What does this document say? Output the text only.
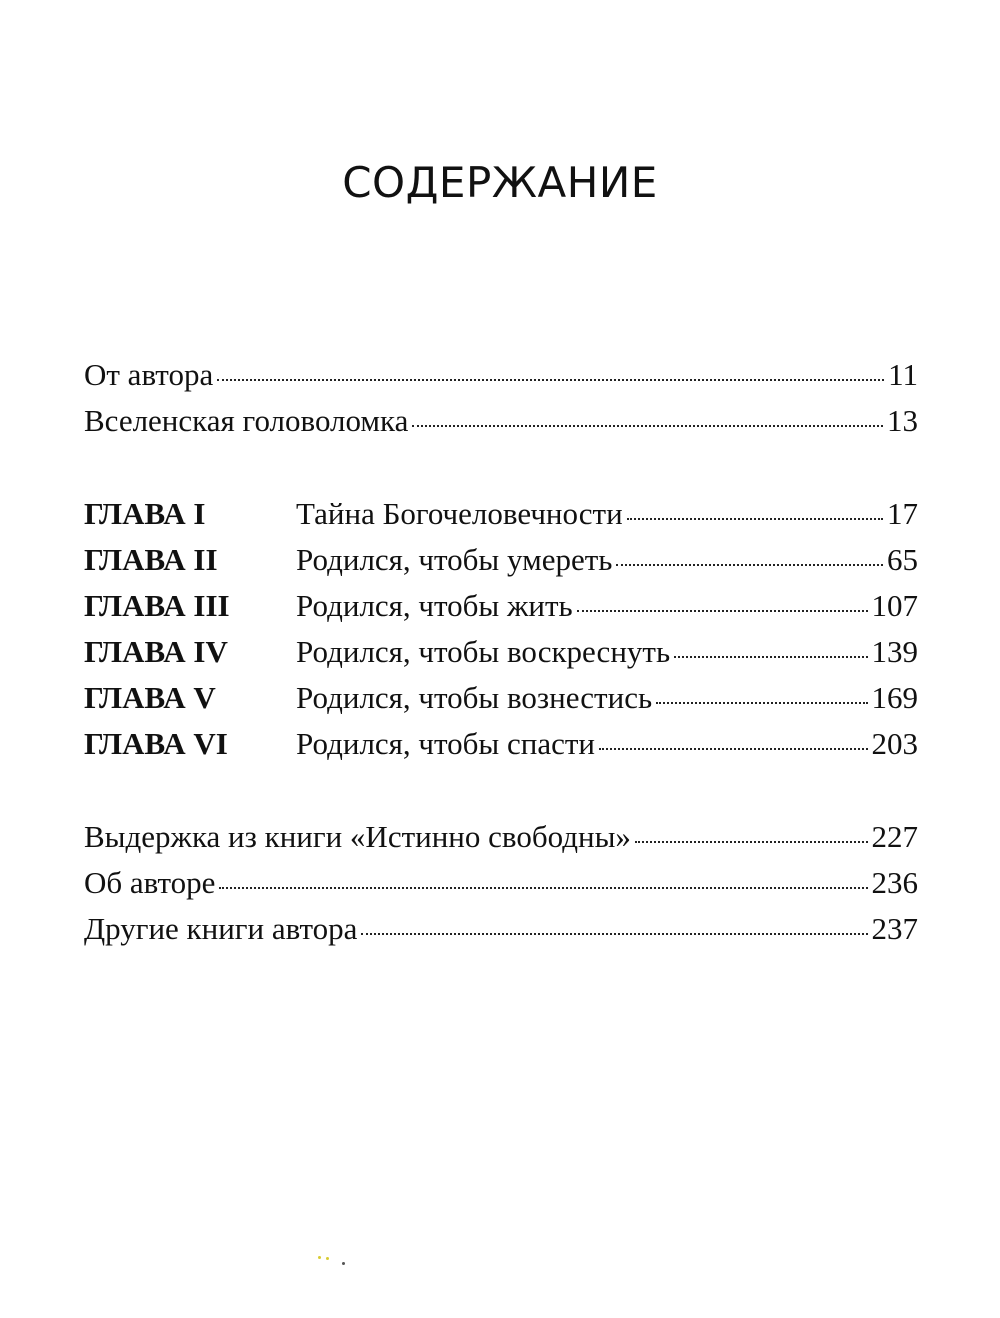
СОДЕРЖАНИЕ
От автора	11
Вселенская головоломка	13
ГЛАВА I	Тайна Богочеловечности	17
ГЛАВА II	Родился, чтобы умереть	65
ГЛАВА III	Родился, чтобы жить	107
ГЛАВА IV	Родился, чтобы воскреснуть	139
ГЛАВА V	Родился, чтобы вознестись	169
ГЛАВА VI	Родился, чтобы спасти	203
Выдержка из книги «Истинно свободны»	227
Об авторе	236
Другие книги автора	237
